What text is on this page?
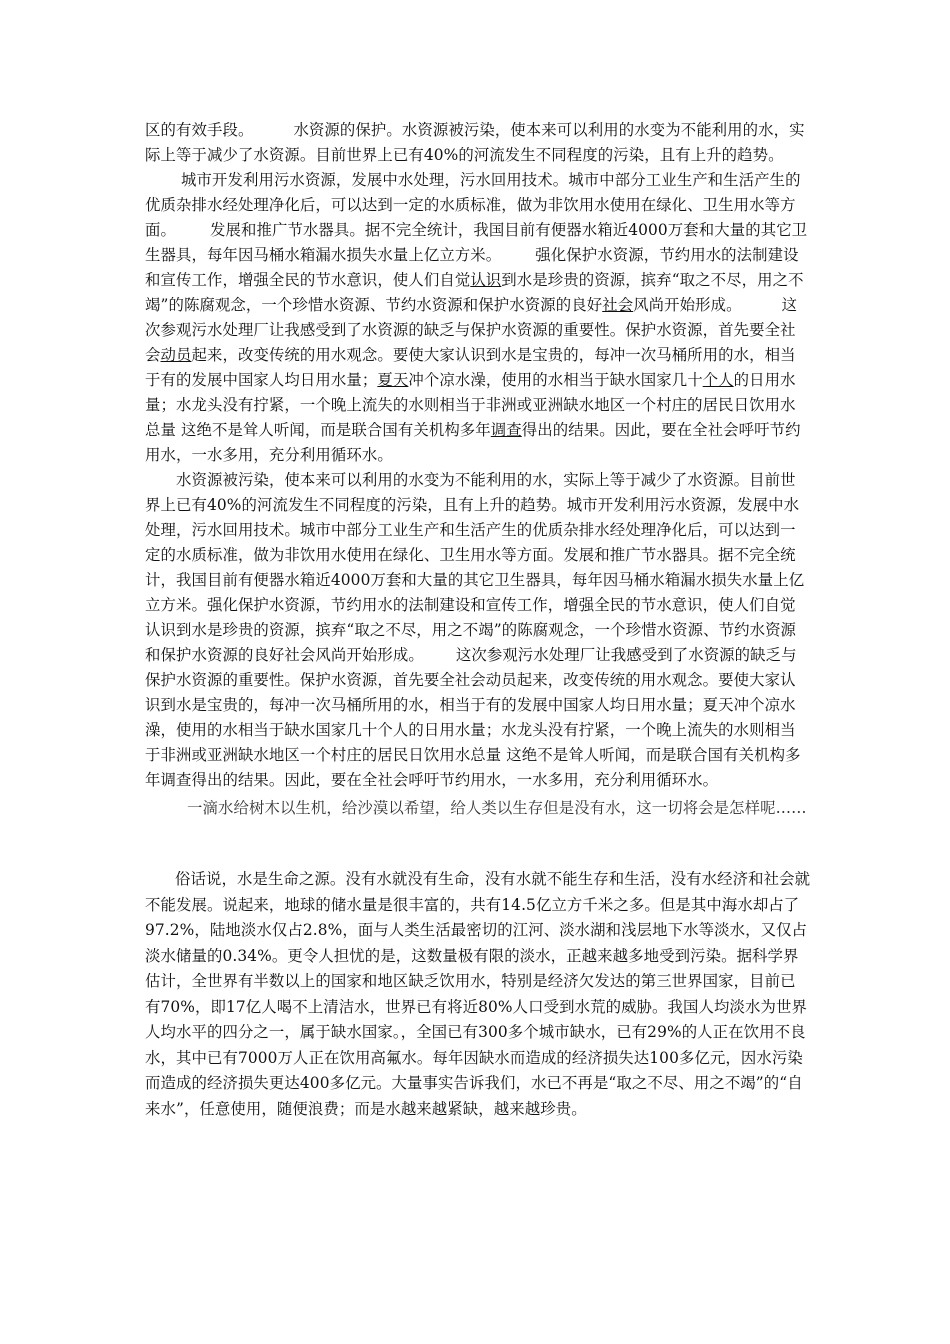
区的有效手段。	水资源的保护。水资源被污染，使本来可以利用的水变为不能利用的水，实际上等于减少了水资源。目前世界上已有40%的河流发生不同程度的污染，且有上升的趋势。城市开发利用污水资源，发展中水处理，污水回用技术。城市中部分工业生产和生活产生的优质杂排水经处理净化后，可以达到一定的水质标准，做为非饮用水使用在绿化、卫生用水等方面。 发展和推广节水器具。据不完全统计，我国目前有便器水箱近4000万套和大量的其它卫生器具，每年因马桶水箱漏水损失水量上亿立方米。 强化保护水资源，节约用水的法制建设和宣传工作，增强全民的节水意识，使人们自觉认识到水是珍贵的资源，摈弃“取之不尽，用之不竭”的陈腐观念，一个珍惜水资源、节约水资源和保护水资源的良好社会风尚开始形成。	这次参观污水处理厂让我感受到了水资源的缺乏与保护水资源的重要性。保护水资源，首先要全社会动员起来，改变传统的用水观念。要使大家认识到水是宝贵的，每冲一次马桶所用的水，相当于有的发展中国家人均日用水量；夏天冲个凉水澡，使用的水相当于缺水国家几十个人的日用水量；水龙头没有拧紧，一个晚上流失的水则相当于非洲或亚洲缺水地区一个村庄的居民日饮用水总量 这绝不是耸人听闻，而是联合国有关机构多年调查得出的结果。因此，要在全社会呼吁节约用水，一水多用，充分利用循环水。

水资源被污染，使本来可以利用的水变为不能利用的水，实际上等于减少了水资源。目前世界上已有40%的河流发生不同程度的污染，且有上升的趋势。城市开发利用污水资源，发展中水处理，污水回用技术。城市中部分工业生产和生活产生的优质杂排水经处理净化后，可以达到一定的水质标准，做为非饮用水使用在绿化、卫生用水等方面。发展和推广节水器具。据不完全统计，我国目前有便器水箱近4000万套和大量的其它卫生器具，每年因马桶水箱漏水损失水量上亿立方米。强化保护水资源，节约用水的法制建设和宣传工作，增强全民的节水意识，使人们自觉认识到水是珍贵的资源，摈弃“取之不尽，用之不竭”的陈腐观念，一个珍惜水资源、节约水资源和保护水资源的良好社会风尚开始形成。 这次参观污水处理厂让我感受到了水资源的缺乏与保护水资源的重要性。保护水资源，首先要全社会动员起来，改变传统的用水观念。要使大家认识到水是宝贵的，每冲一次马桶所用的水，相当于有的发展中国家人均日用水量；夏天冲个凉水澡，使用的水相当于缺水国家几十个人的日用水量；水龙头没有拧紧，一个晚上流失的水则相当于非洲或亚洲缺水地区一个村庄的居民日饮用水总量 这绝不是耸人听闻，而是联合国有关机构多年调查得出的结果。因此，要在全社会呼吁节约用水，一水多用，充分利用循环水。

一滴水给树木以生机，给沙漠以希望，给人类以生存但是没有水，这一切将会是怎样呢……

俗话说，水是生命之源。没有水就没有生命，没有水就不能生存和生活，没有水经济和社会就不能发展。说起来，地球的储水量是很丰富的，共有14.5亿立方千米之多。但是其中海水却占了97.2%，陆地淡水仅占2.8%，面与人类生活最密切的江河、淡水湖和浅层地下水等淡水，又仅占淡水储量的0.34%。更令人担忧的是，这数量极有限的淡水，正越来越多地受到污染。据科学界估计，全世界有半数以上的国家和地区缺乏饮用水，特别是经济欠发达的第三世界国家，目前已有70%，即17亿人喝不上清洁水，世界已有将近80%人口受到水荒的威胁。我国人均淡水为世界人均水平的四分之一，属于缺水国家。，全国已有300多个城市缺水，已有29%的人正在饮用不良水，其中已有7000万人正在饮用高氟水。每年因缺水而造成的经济损失达100多亿元，因水污染而造成的经济损失更达400多亿元。大量事实告诉我们，水已不再是“取之不尽、用之不竭”的“自来水”，任意使用，随便浪费；而是水越来越紧缺，越来越珍贵。
